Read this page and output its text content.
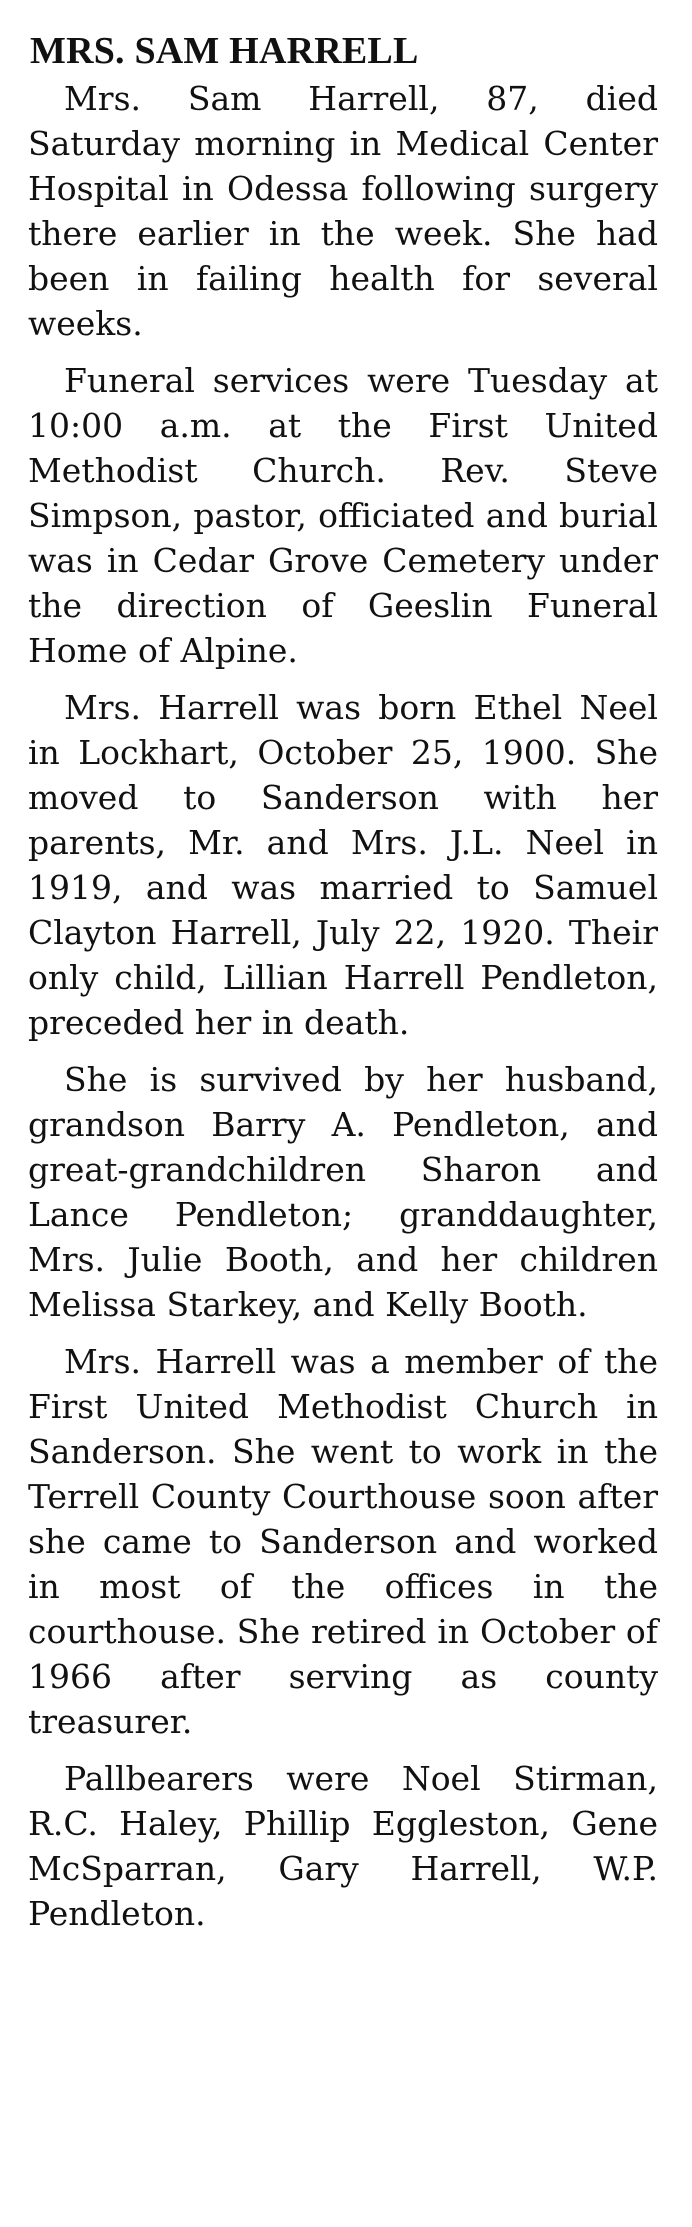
MRS. SAM HARRELL

Mrs. Sam Harrell, 87, died Saturday morning in Medical Center Hospital in Odessa following surgery there earlier in the week. She had been in failing health for several weeks.

Funeral services were Tuesday at 10:00 a.m. at the First United Methodist Church. Rev. Steve Simpson, pastor, officiated and burial was in Cedar Grove Cemetery under the direction of Geeslin Funeral Home of Alpine.

Mrs. Harrell was born Ethel Neel in Lockhart, October 25, 1900. She moved to Sanderson with her parents, Mr. and Mrs. J.L. Neel in 1919, and was married to Samuel Clayton Harrell, July 22, 1920. Their only child, Lillian Harrell Pendleton, preceded her in death.

She is survived by her husband, grandson Barry A. Pendleton, and great-grandchildren Sharon and Lance Pendleton; granddaughter, Mrs. Julie Booth, and her children Melissa Starkey, and Kelly Booth.

Mrs. Harrell was a member of the First United Methodist Church in Sanderson. She went to work in the Terrell County Courthouse soon after she came to Sanderson and worked in most of the offices in the courthouse. She retired in October of 1966 after serving as county treasurer.

Pallbearers were Noel Stirman, R.C. Haley, Phillip Eggleston, Gene McSparran, Gary Harrell, W.P. Pendleton.
